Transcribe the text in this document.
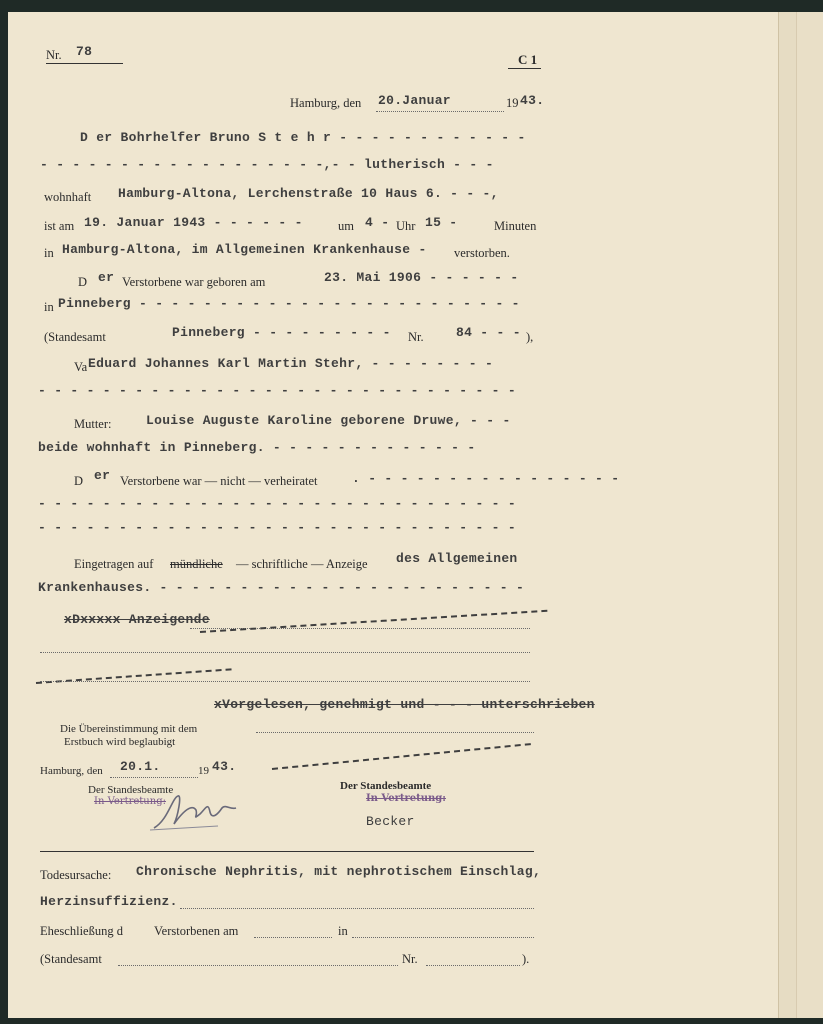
Nr. 78
C 1
Hamburg, den 20.Januar	19 43.
D er Bohrhelfer Bruno S t e h r - - - - - - - - - - - -
- - - - - - - - - - - - - - - - - -,- - lutherisch - - -
wohnhaft Hamburg-Altona, Lerchenstraße 10 Haus 6. - - -,
ist am 19. Januar 1943 - - - - - -	um 4 - Uhr 15 -	Minuten
in Hamburg-Altona, im Allgemeinen Krankenhause - verstorben.
D er Verstorbene war geboren am	23. Mai 1906 - - - - - -
in Pinneberg - - - - - - - - - - - - - - - - - - - - - - - -
(Standesamt	Pinneberg - - - - - - - - - Nr. 84 - - - ),
Va Eduard Johannes Karl Martin Stehr, - - - - - - - -
- - - - - - - - - - - - - - - - - - - - - - - - - - - - - -
Mutter:	Louise Auguste Karoline geborene Druwe, - - -
beide wohnhaft in Pinneberg. - - - - - - - - - - - - -
D er Verstorbene war — nicht — verheiratet	. - - - - - - - - - - - - - - - -
- - - - - - - - - - - - - - - - - - - - - - - - - - - - - -
- - - - - - - - - - - - - - - - - - - - - - - - - - - - - -
Eingetragen auf mündliche — schriftliche — Anzeige des Allgemeinen
Krankenhauses. - - - - - - - - - - - - - - - - - - - - - - -
xDxxxxx Anzeigende
xVorgelesen, genehmigt und - - - unterschrieben
Die Übereinstimmung mit dem
Erstbuch wird beglaubigt
Hamburg, den 20.1.	19 43.
Der Standesbeamte
In Vertretung:
Der Standesbeamte
In Vertretung:
Becker
Todesursache: Chronische Nephritis, mit nephrotischem Einschlag,
Herzinsuffizienz.
Eheschließung d Verstorbenen am	in
(Standesamt	Nr.	).
